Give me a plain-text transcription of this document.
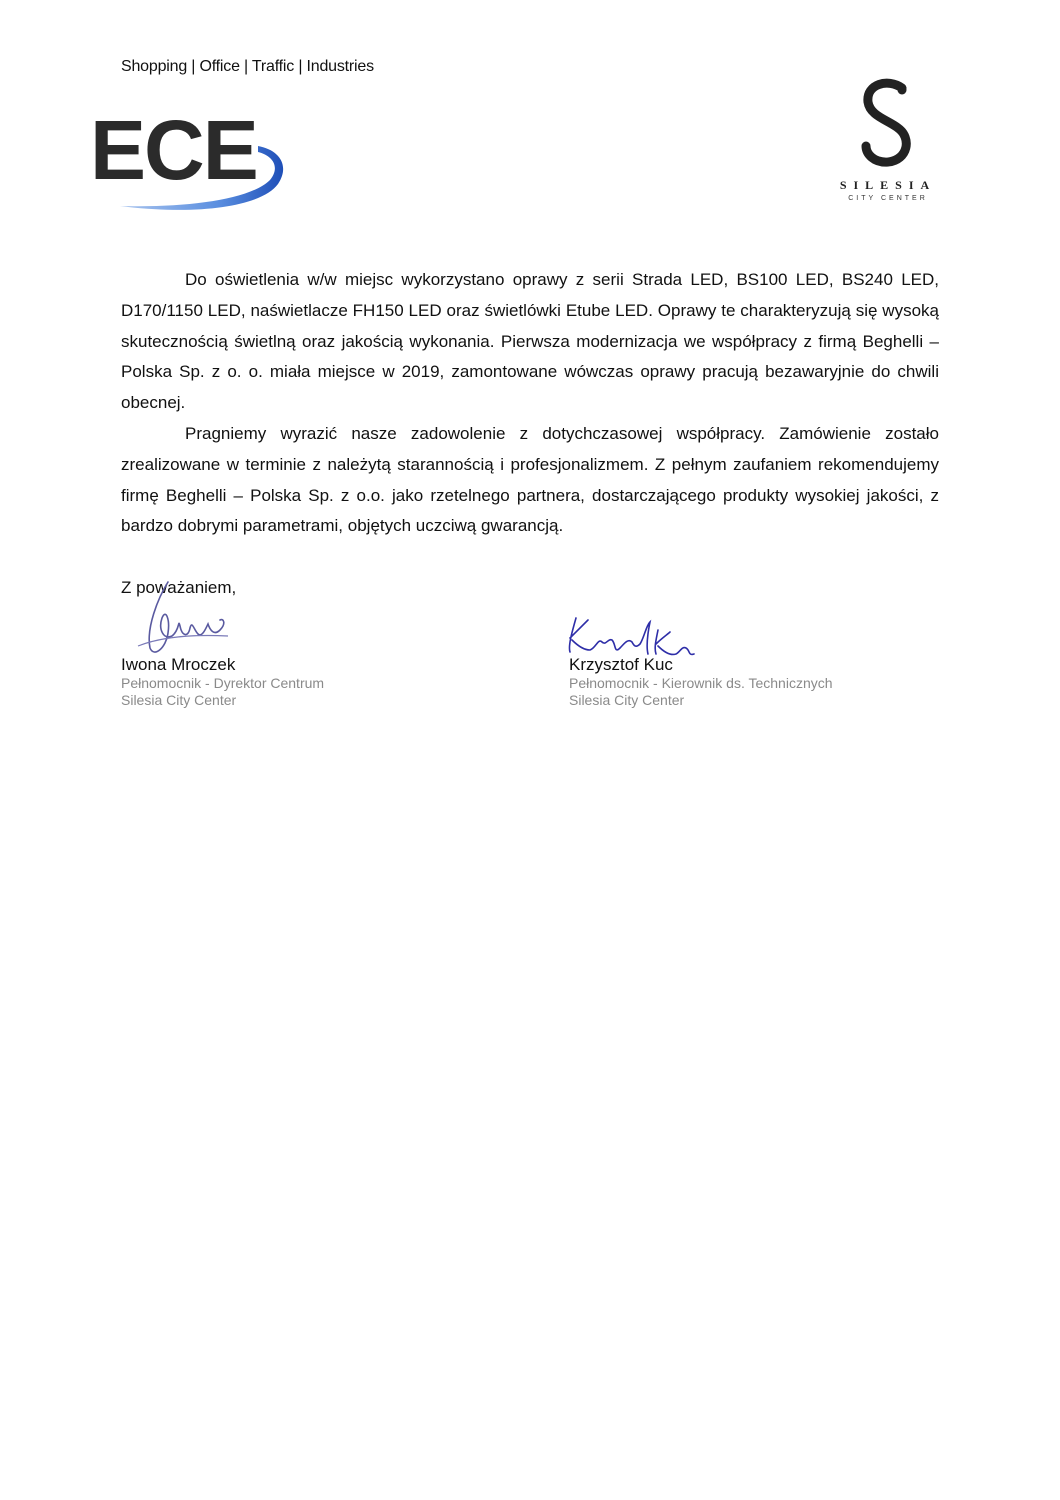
Shopping | Office | Traffic | Industries
ECE	SILESIA
CITY CENTER

Do oświetlenia w/w miejsc wykorzystano oprawy z serii Strada LED, BS100 LED, BS240 LED, D170/1150 LED, naświetlacze FH150 LED oraz świetlówki Etube LED. Oprawy te charakteryzują się wysoką skutecznością świetlną oraz jakością wykonania. Pierwsza modernizacja we współpracy z firmą Beghelli – Polska Sp. z o. o. miała miejsce w 2019, zamontowane wówczas oprawy pracują bezawaryjnie do chwili obecnej.

Pragniemy wyrazić nasze zadowolenie z dotychczasowej współpracy. Zamówienie zostało zrealizowane w terminie z należytą starannością i profesjonalizmem. Z pełnym zaufaniem rekomendujemy firmę Beghelli – Polska Sp. z o.o. jako rzetelnego partnera, dostarczającego produkty wysokiej jakości, z bardzo dobrymi parametrami, objętych uczciwą gwarancją.

Z poważaniem,
Iwona Mroczek
Pełnomocnik - Dyrektor Centrum
Silesia City Center
Krzysztof Kuc
Pełnomocnik - Kierownik ds. Technicznych
Silesia City Center
